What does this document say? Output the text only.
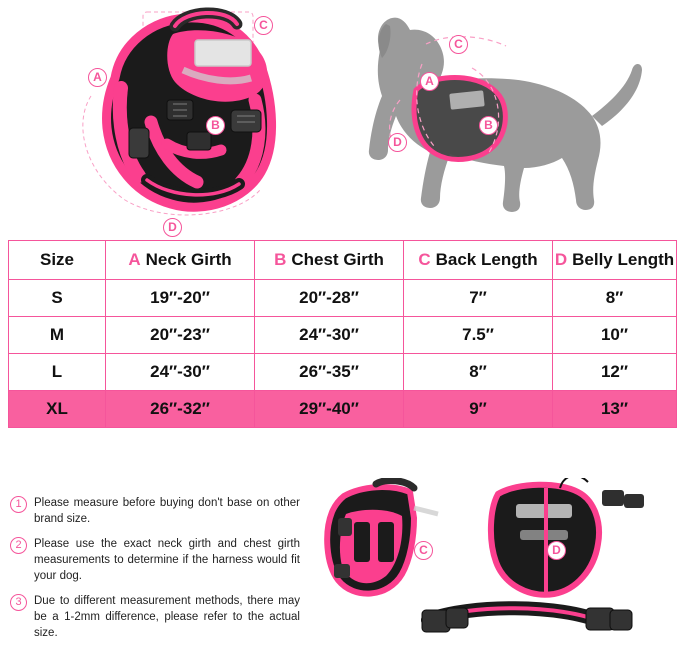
A
B
C
D
C
A
B
D
Size	A Neck Girth	B Chest Girth	C Back Length	D Belly Length
S	19″-20″	20″-28″	7″	8″
M	20″-23″	24″-30″	7.5″	10″
L	24″-30″	26″-35″	8″	12″
XL	26″-32″	29″-40″	9″	13″
1	Please measure before buying don't base on other brand size.
2	Please use the exact neck girth and chest girth measurements to determine if the harness would fit your dog.
3	Due to different measurement methods, there may be a 1-2mm difference, please refer to the actual size.
C	D
